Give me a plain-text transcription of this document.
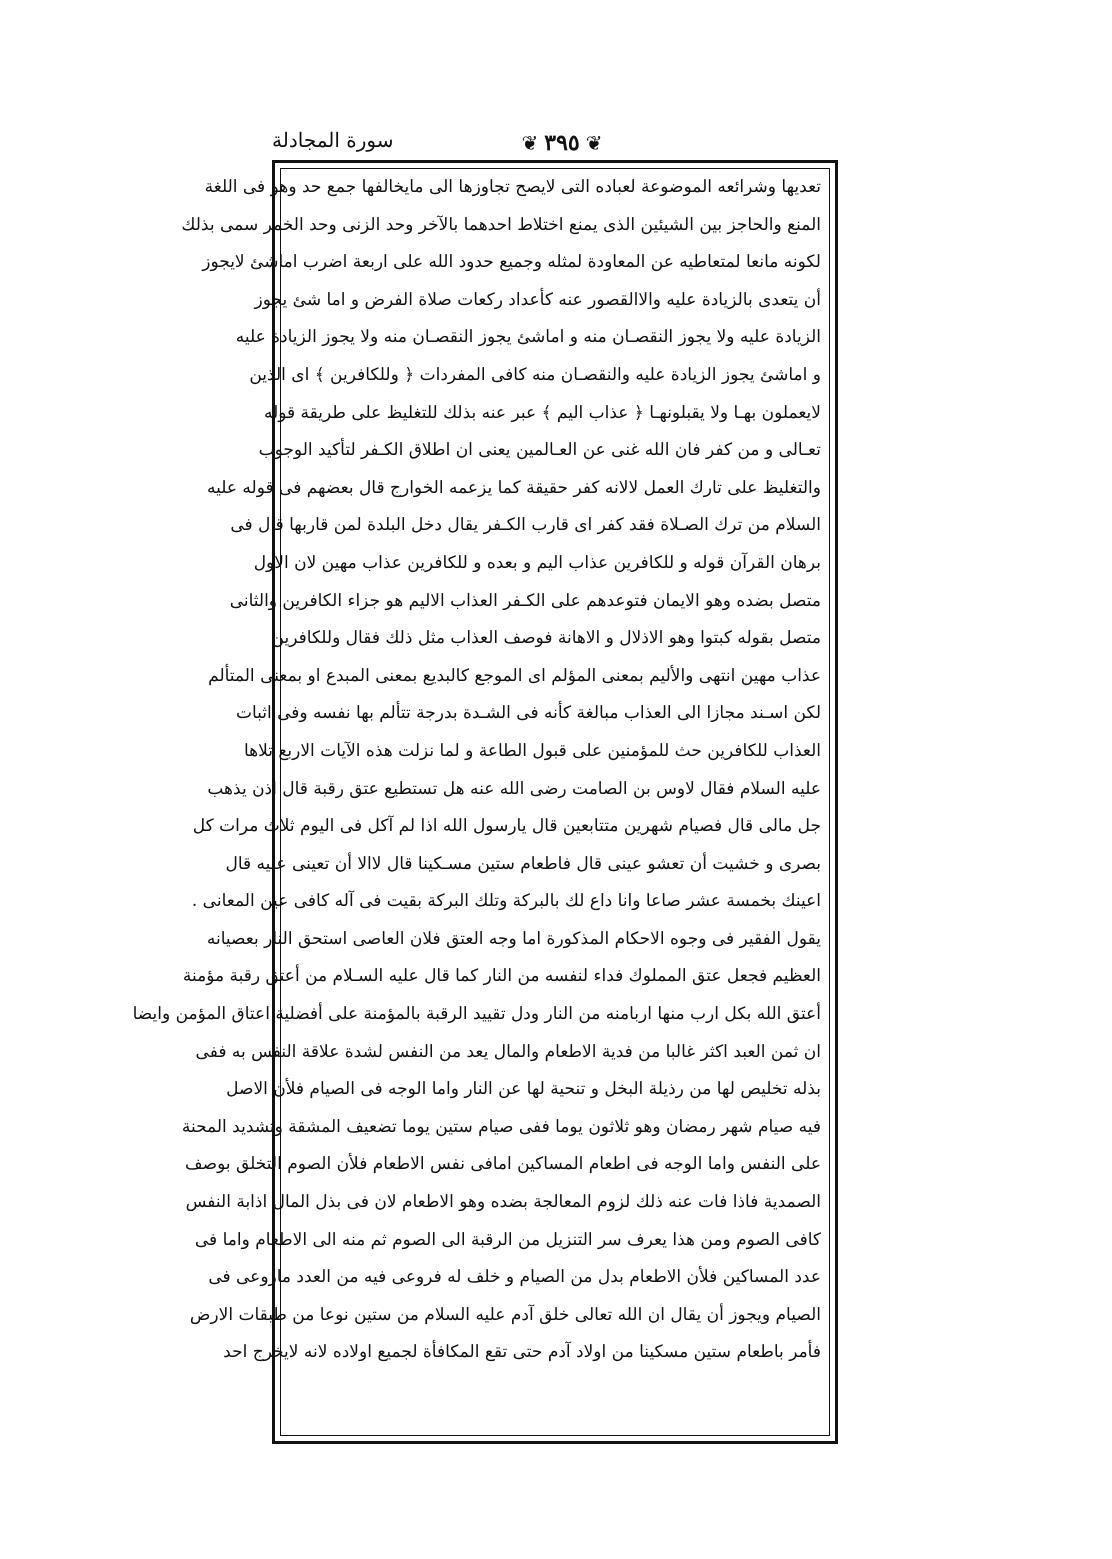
❦ ٣٩٥ ❦
سورة المجادلة
تعديها وشرائعه الموضوعة لعباده التى لايصح تجاوزها الى مايخالفها جمع حد وهو فى اللغة
المنع والحاجز بين الشيئين الذى يمنع اختلاط احدهما بالآخر وحد الزنى وحد الخمر سمى بذلك
لكونه مانعا لمتعاطيه عن المعاودة لمثله وجميع حدود الله على اربعة اضرب اماشئ لايجوز
أن يتعدى بالزيادة عليه والاالقصور عنه كأعداد ركعات صلاة الفرض و اما شئ يجوز
الزيادة عليه ولا يجوز النقصـان منه و اماشئ يجوز النقصـان منه ولا يجوز الزيادة عليه
و اماشئ يجوز الزيادة عليه والنقصـان منه كافى المفردات ﴿ وللكافرين ﴾ اى الذين
لايعملون بهـا ولا يقبلونهـا ﴿ عذاب اليم ﴾ عبر عنه بذلك للتغليظ على طريقة قوله
تعـالى و من كفر فان الله غنى عن العـالمين يعنى ان اطلاق الكـفر لتأكيد الوجوب
والتغليظ على تارك العمل لالانه كفر حقيقة كما يزعمه الخوارج قال بعضهم فى قوله عليه
السلام من ترك الصـلاة فقد كفر اى قارب الكـفر يقال دخل البلدة لمن قاربها قال فى
برهان القرآن قوله و للكافرين عذاب اليم و بعده و للكافرين عذاب مهين لان الاول
متصل بضده وهو الايمان فتوعدهم على الكـفر العذاب الاليم هو جزاء الكافرين والثانى
متصل بقوله كبتوا وهو الاذلال و الاهانة فوصف العذاب مثل ذلك فقال وللكافرين
عذاب مهين انتهى والأليم بمعنى المؤلم اى الموجع كالبديع بمعنى المبدع او بمعنى المتألم
لكن اسـند مجازا الى العذاب مبالغة كأنه فى الشـدة بدرجة تتألم بها نفسه وفى اثبات
العذاب للكافرين حث للمؤمنين على قبول الطاعة و لما نزلت هذه الآيات الاربع تلاها
عليه السلام فقال لاوس بن الصامت رضى الله عنه هل تستطيع عتق رقبة قال اذن يذهب
جل مالى قال فصيام شهرين متتابعين قال يارسول الله اذا لم آكل فى اليوم ثلاث مرات كل
بصرى و خشيت أن تعشو عينى قال فاطعام ستين مسـكينا قال لاالا أن تعينى عليه قال
اعينك بخمسة عشر صاعا وانا داع لك بالبركة وتلك البركة بقيت فى آله كافى عين المعانى .
يقول الفقير فى وجوه الاحكام المذكورة اما وجه العتق فلان العاصى استحق النار بعصيانه
العظيم فجعل عتق المملوك فداء لنفسه من النار كما قال عليه السـلام من أعتق رقبة مؤمنة
أعتق الله بكل ارب منها اربامنه من النار ودل تقييد الرقبة بالمؤمنة على أفضلية اعتاق المؤمن وايضا
ان ثمن العبد اكثر غالبا من فدية الاطعام والمال يعد من النفس لشدة علاقة النفس به ففى
بذله تخليص لها من رذيلة البخل و تنحية لها عن النار واما الوجه فى الصيام فلأن الاصل
فيه صيام شهر رمضان وهو ثلاثون يوما ففى صيام ستين يوما تضعيف المشقة وتشديد المحنة
على النفس واما الوجه فى اطعام المساكين امافى نفس الاطعام فلأن الصوم التخلق بوصف
الصمدية فاذا فات عنه ذلك لزوم المعالجة بضده وهو الاطعام لان فى بذل المال اذابة النفس
كافى الصوم ومن هذا يعرف سر التنزيل من الرقبة الى الصوم ثم منه الى الاطعام واما فى
عدد المساكين فلأن الاطعام بدل من الصيام و خلف له فروعى فيه من العدد ماروعى فى
الصيام ويجوز أن يقال ان الله تعالى خلق آدم عليه السلام من ستين نوعا من طبقات الارض
فأمر باطعام ستين مسكينا من اولاد آدم حتى تقع المكافأة لجميع اولاده لانه لايخرج احد
